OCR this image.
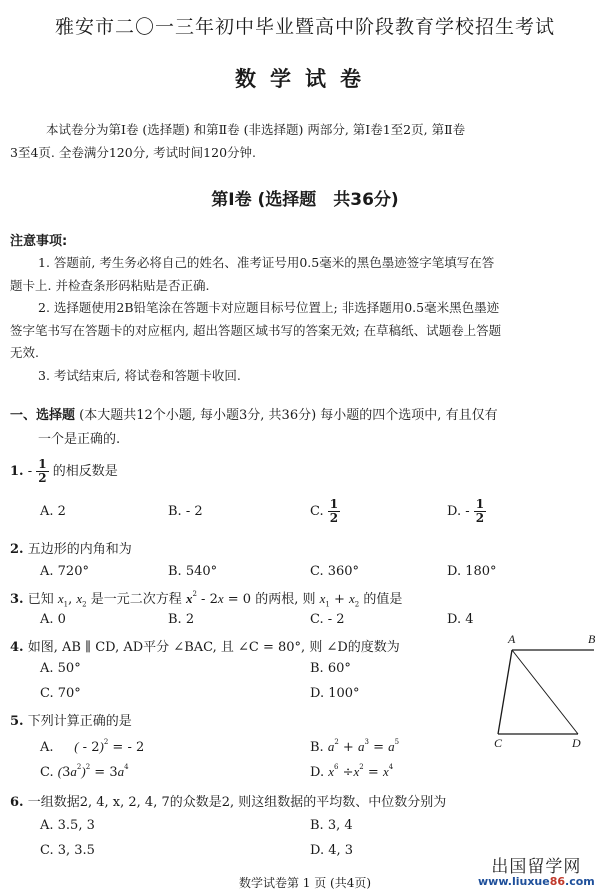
雅安市二〇一三年初中毕业暨高中阶段教育学校招生考试
数学试卷
本试卷分为第Ⅰ卷 (选择题) 和第Ⅱ卷 (非选择题) 两部分, 第Ⅰ卷1至2页, 第Ⅱ卷
3至4页. 全卷满分120分, 考试时间120分钟.
第Ⅰ卷 (选择题　共36分)
注意事项:
1. 答题前, 考生务必将自己的姓名、准考证号用0.5毫米的黑色墨迹签字笔填写在答
题卡上. 并检查条形码粘贴是否正确.
2. 选择题使用2B铅笔涂在答题卡对应题目标号位置上; 非选择题用0.5毫米黑色墨迹
签字笔书写在答题卡的对应框内, 超出答题区域书写的答案无效; 在草稿纸、试题卷上答题
无效.
3. 考试结束后, 将试卷和答题卡收回.
一、选择题 (本大题共12个小题, 每小题3分, 共36分) 每小题的四个选项中, 有且仅有
一个是正确的.
1. - $\frac{1}{2}$ 的相反数是
A. 2	B. - 2	C. $\frac{1}{2}$	D. - $\frac{1}{2}$
2. 五边形的内角和为
A. 720°	B. 540°	C. 360°	D. 180°
3. 已知 $x_1$, $x_2$ 是一元二次方程 $x^2 - 2x = 0$ 的两根, 则 $x_1 + x_2$ 的值是
A. 0	B. 2	C. - 2	D. 4
4. 如图, AB ∥ CD, AD平分 ∠BAC, 且 ∠C = 80°, 则 ∠D的度数为
A. 50°	B. 60°
C. 70°	D. 100°
5. 下列计算正确的是
A. ( - 2)$^2$ = - 2	B. $a^2 + a^3 = a^5$
C. $(3a^2)^2 = 3a^4$	D. $x^6 \div x^2 = x^4$
6. 一组数据2, 4, x, 2, 4, 7的众数是2, 则这组数据的平均数、中位数分别为
A. 3.5, 3	B. 3, 4
C. 3, 3.5	D. 4, 3
A	B
C	D
数学试卷第 1 页 (共4页)
出国留学网
www.liuxue86.com
